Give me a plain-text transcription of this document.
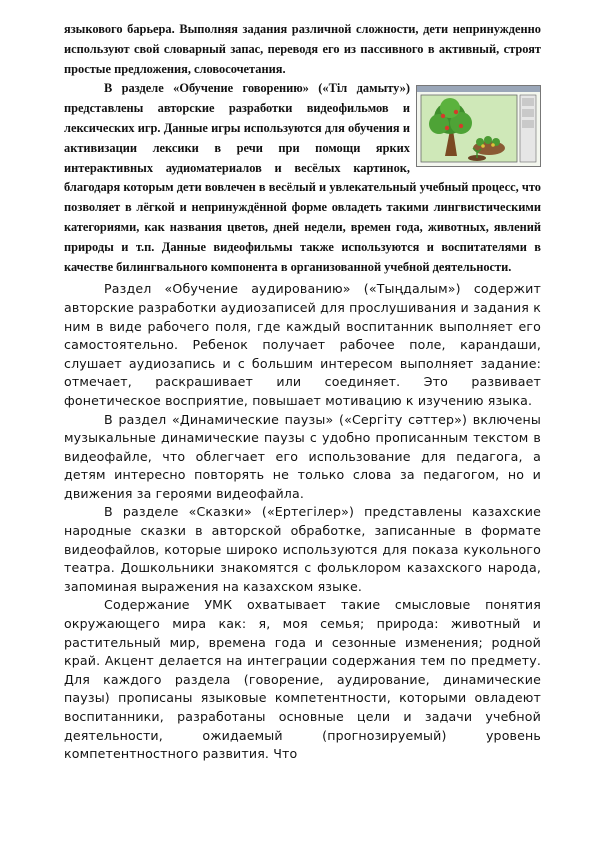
языкового барьера. Выполняя задания различной сложности, дети непринужденно используют свой словарный запас, переводя его из пассивного в активный, строят простые предложения, словосочетания.

В разделе «Обучение говорению» («Тіл дамыту») представлены авторские разработки видеофильмов и лексических игр. Данные игры используются для обучения и активизации лексики в речи при помощи ярких интерактивных аудиоматериалов и весёлых картинок, благодаря которым дети вовлечен в весёлый и увлекательный учебный процесс, что позволяет в лёгкой и непринуждённой форме овладеть такими лингвистическими категориями, как названия цветов, дней недели, времен года, животных, явлений природы и т.п. Данные видеофильмы также используются и воспитателями в качестве билингвального компонента в организованной учебной деятельности.

Раздел «Обучение аудированию» («Тыңдалым») содержит авторские разработки аудиозаписей для прослушивания и задания к ним в виде рабочего поля, где каждый воспитанник выполняет его самостоятельно. Ребенок получает рабочее поле, карандаши, слушает аудиозапись и с большим интересом выполняет задание: отмечает, раскрашивает или соединяет. Это развивает фонетическое восприятие, повышает мотивацию к изучению языка.

В раздел «Динамические паузы» («Сергіту сәттер») включены музыкальные динамические паузы с удобно прописанным текстом в видеофайле, что облегчает его использование для педагога, а детям интересно повторять не только слова за педагогом, но и движения за героями видеофайла.

В разделе «Сказки» («Ертегілер») представлены казахские народные сказки в авторской обработке, записанные в формате видеофайлов, которые широко используются для показа кукольного театра. Дошкольники знакомятся с фольклором казахского народа, запоминая выражения на казахском языке.

Содержание УМК охватывает такие смысловые понятия окружающего мира как: я, моя семья; природа: животный и растительный мир, времена года и сезонные изменения; родной край. Акцент делается на интеграции содержания тем по предмету. Для каждого раздела (говорение, аудирование, динамические паузы) прописаны языковые компетентности, которыми овладеют воспитанники, разработаны основные цели и задачи учебной деятельности, ожидаемый (прогнозируемый) уровень компетентностного развития. Что
